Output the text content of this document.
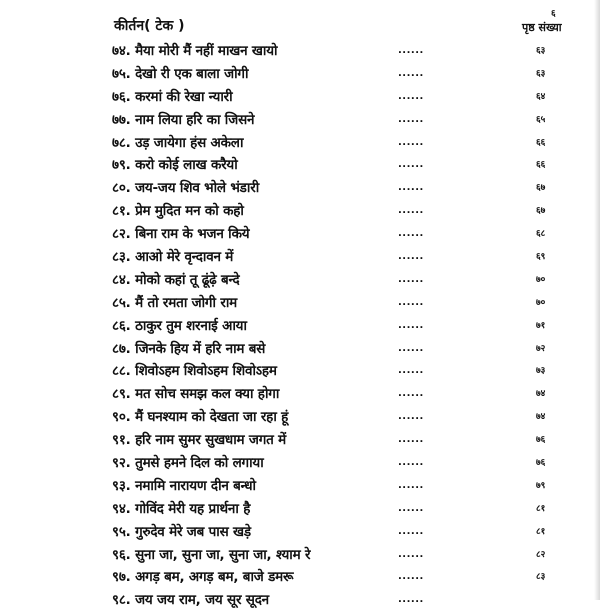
कीर्तन( टेक )
६
पृष्ठ संख्या
७४. मैया मोरी मैं नहीं माखन खायो	......	६३
७५. देखो री एक बाला जोगी	......	६३
७६. करमां की रेखा न्यारी	......	६४
७७. नाम लिया हरि का जिसने	......	६५
७८. उड़ जायेगा हंस अकेला	......	६६
७९. करो कोई लाख करैयो	......	६६
८०. जय-जय शिव भोले भंडारी	......	६७
८१. प्रेम मुदित मन को कहो	......	६७
८२. बिना राम के भजन किये	......	६८
८३. आओ मेरे वृन्दावन में	......	६९
८४. मोको कहां तू ढूंढ़े बन्दे	......	७०
८५. मैं तो रमता जोगी राम	......	७०
८६. ठाकुर तुम शरनाई आया	......	७१
८७. जिनके हिय में हरि नाम बसे	......	७२
८८. शिवोऽहम शिवोऽहम शिवोऽहम	......	७३
८९. मत सोच समझ कल क्या होगा	......	७४
९०. मैं घनश्याम को देखता जा रहा हूं	......	७४
९१. हरि नाम सुमर सुखधाम जगत में	......	७६
९२. तुमसे हमने दिल को लगाया	......	७६
९३. नमामि नारायण दीन बन्धो	......	७९
९४. गोविंद मेरी यह प्रार्थना है	......	८१
९५. गुरुदेव मेरे जब पास खड़े	......	८१
९६. सुना जा, सुना जा, सुना जा, श्याम रे	......	८२
९७. अगड़ बम, अगड़ बम, बाजे डमरू	......	८३
९८. जय जय राम, जय सूर सूदन	......
